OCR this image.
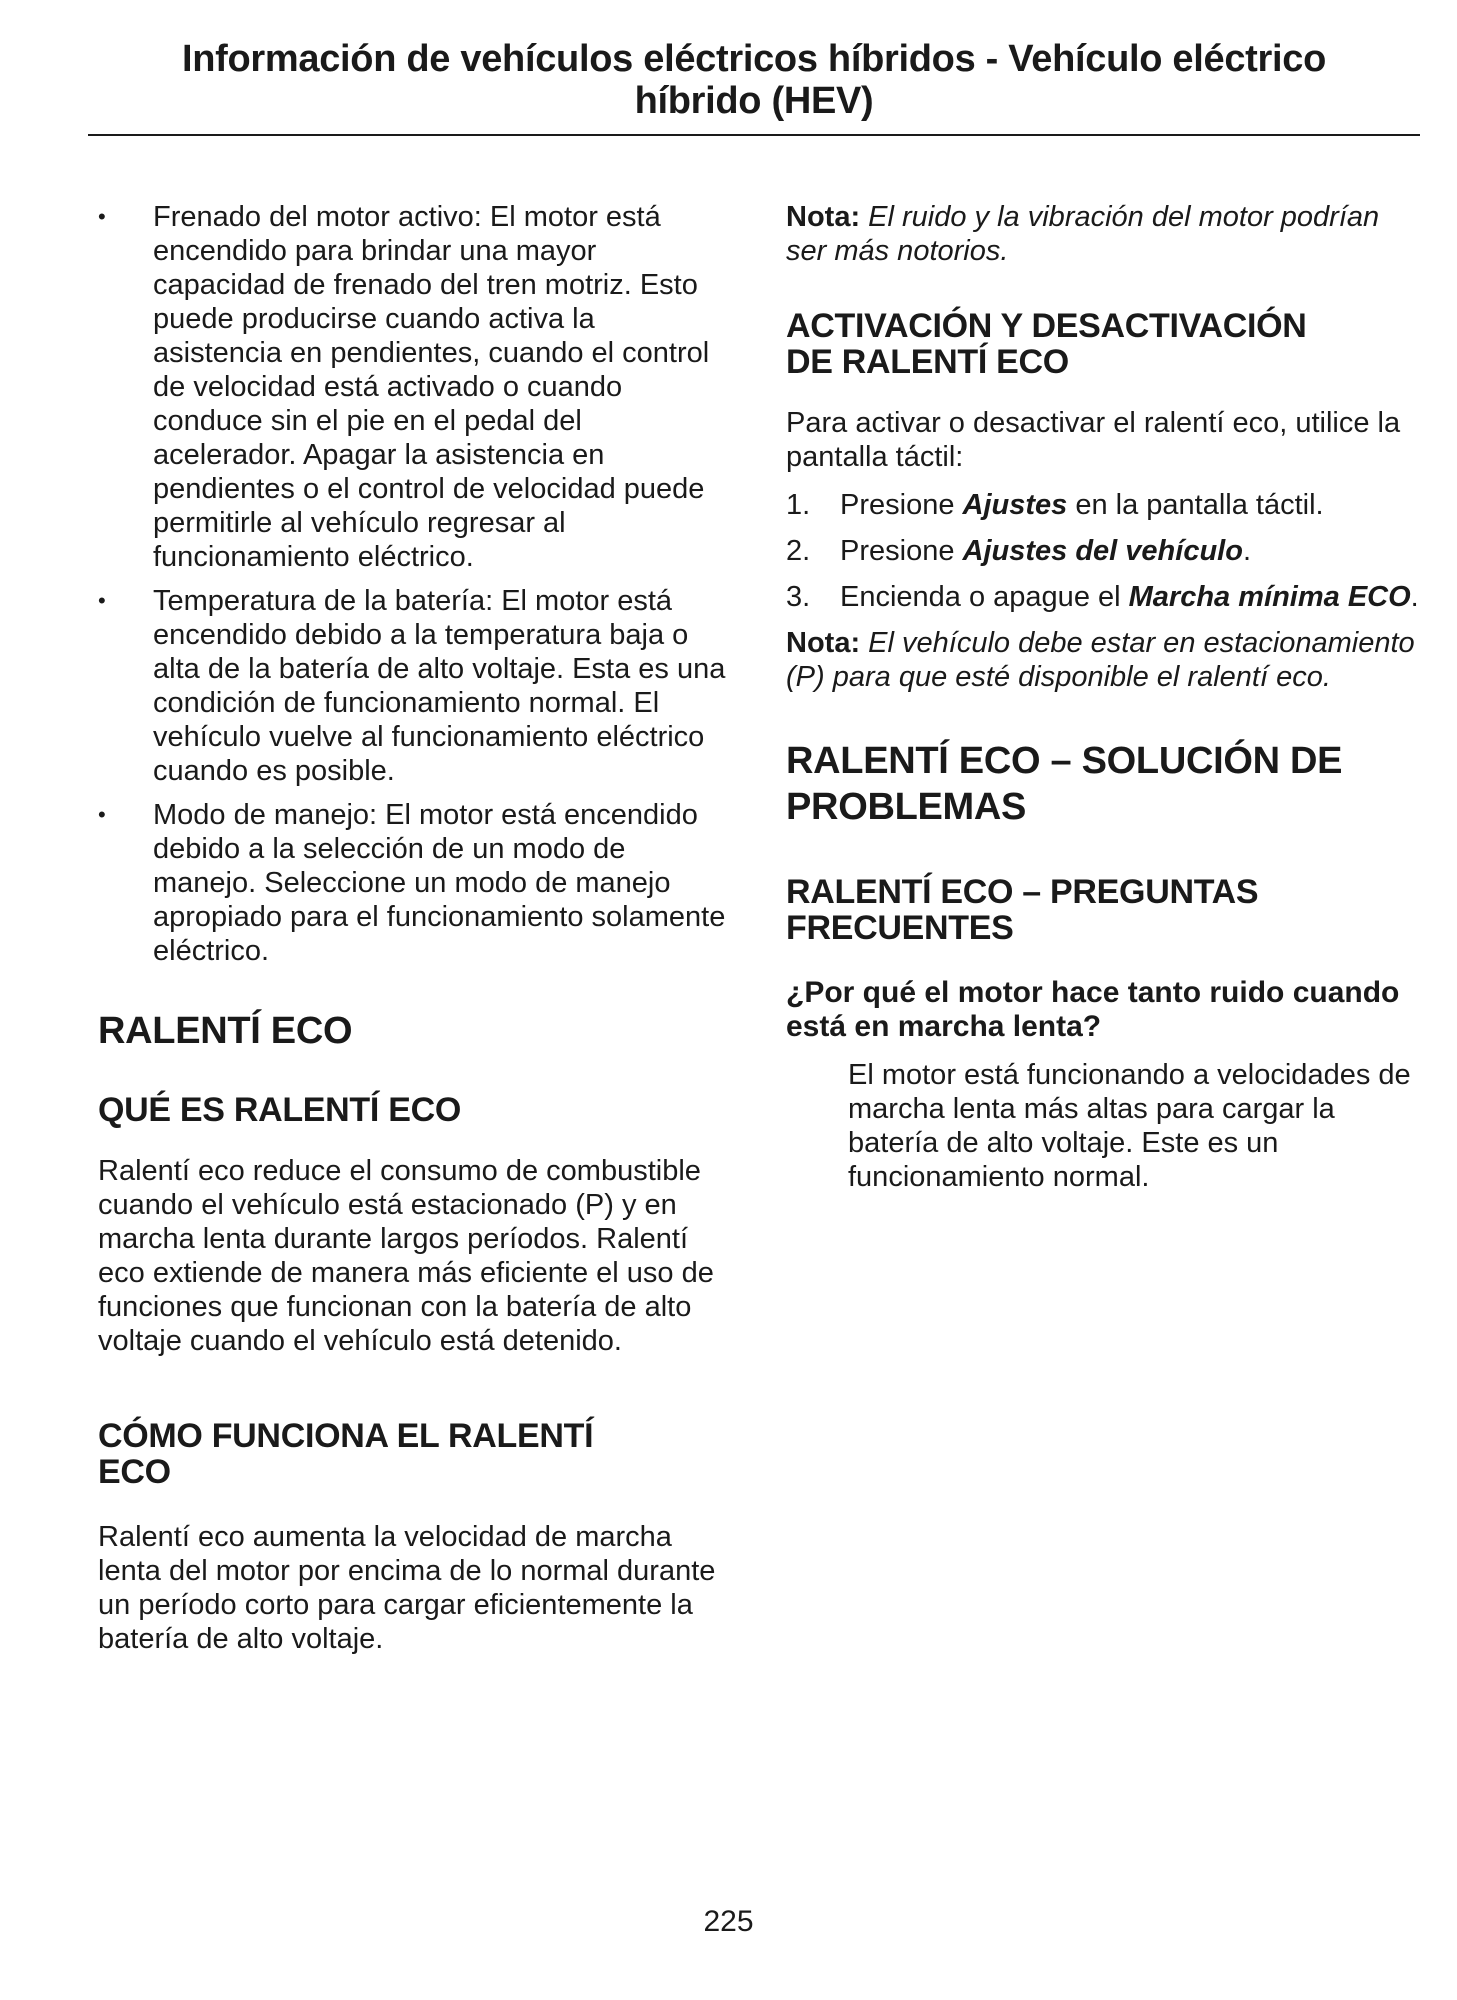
Información de vehículos eléctricos híbridos - Vehículo eléctrico
híbrido (HEV)
• Frenado del motor activo: El motor está encendido para brindar una mayor capacidad de frenado del tren motriz. Esto puede producirse cuando activa la asistencia en pendientes, cuando el control de velocidad está activado o cuando conduce sin el pie en el pedal del acelerador. Apagar la asistencia en pendientes o el control de velocidad puede permitirle al vehículo regresar al funcionamiento eléctrico.
• Temperatura de la batería: El motor está encendido debido a la temperatura baja o alta de la batería de alto voltaje. Esta es una condición de funcionamiento normal. El vehículo vuelve al funcionamiento eléctrico cuando es posible.
• Modo de manejo: El motor está encendido debido a la selección de un modo de manejo. Seleccione un modo de manejo apropiado para el funcionamiento solamente eléctrico.
RALENTÍ ECO
QUÉ ES RALENTÍ ECO

Ralentí eco reduce el consumo de combustible cuando el vehículo está estacionado (P) y en marcha lenta durante largos períodos. Ralentí eco extiende de manera más eficiente el uso de funciones que funcionan con la batería de alto voltaje cuando el vehículo está detenido.

CÓMO FUNCIONA EL RALENTÍ
ECO

Ralentí eco aumenta la velocidad de marcha lenta del motor por encima de lo normal durante un período corto para cargar eficientemente la batería de alto voltaje.

Nota: El ruido y la vibración del motor podrían ser más notorios.

ACTIVACIÓN Y DESACTIVACIÓN
DE RALENTÍ ECO

Para activar o desactivar el ralentí eco, utilice la pantalla táctil:

1. Presione Ajustes en la pantalla táctil.
2. Presione Ajustes del vehículo.
3. Encienda o apague el Marcha mínima ECO.

Nota: El vehículo debe estar en estacionamiento (P) para que esté disponible el ralentí eco.

RALENTÍ ECO – SOLUCIÓN DE
PROBLEMAS
RALENTÍ ECO – PREGUNTAS
FRECUENTES
¿Por qué el motor hace tanto ruido cuando está en marcha lenta?

El motor está funcionando a velocidades de marcha lenta más altas para cargar la batería de alto voltaje. Este es un funcionamiento normal.

225
